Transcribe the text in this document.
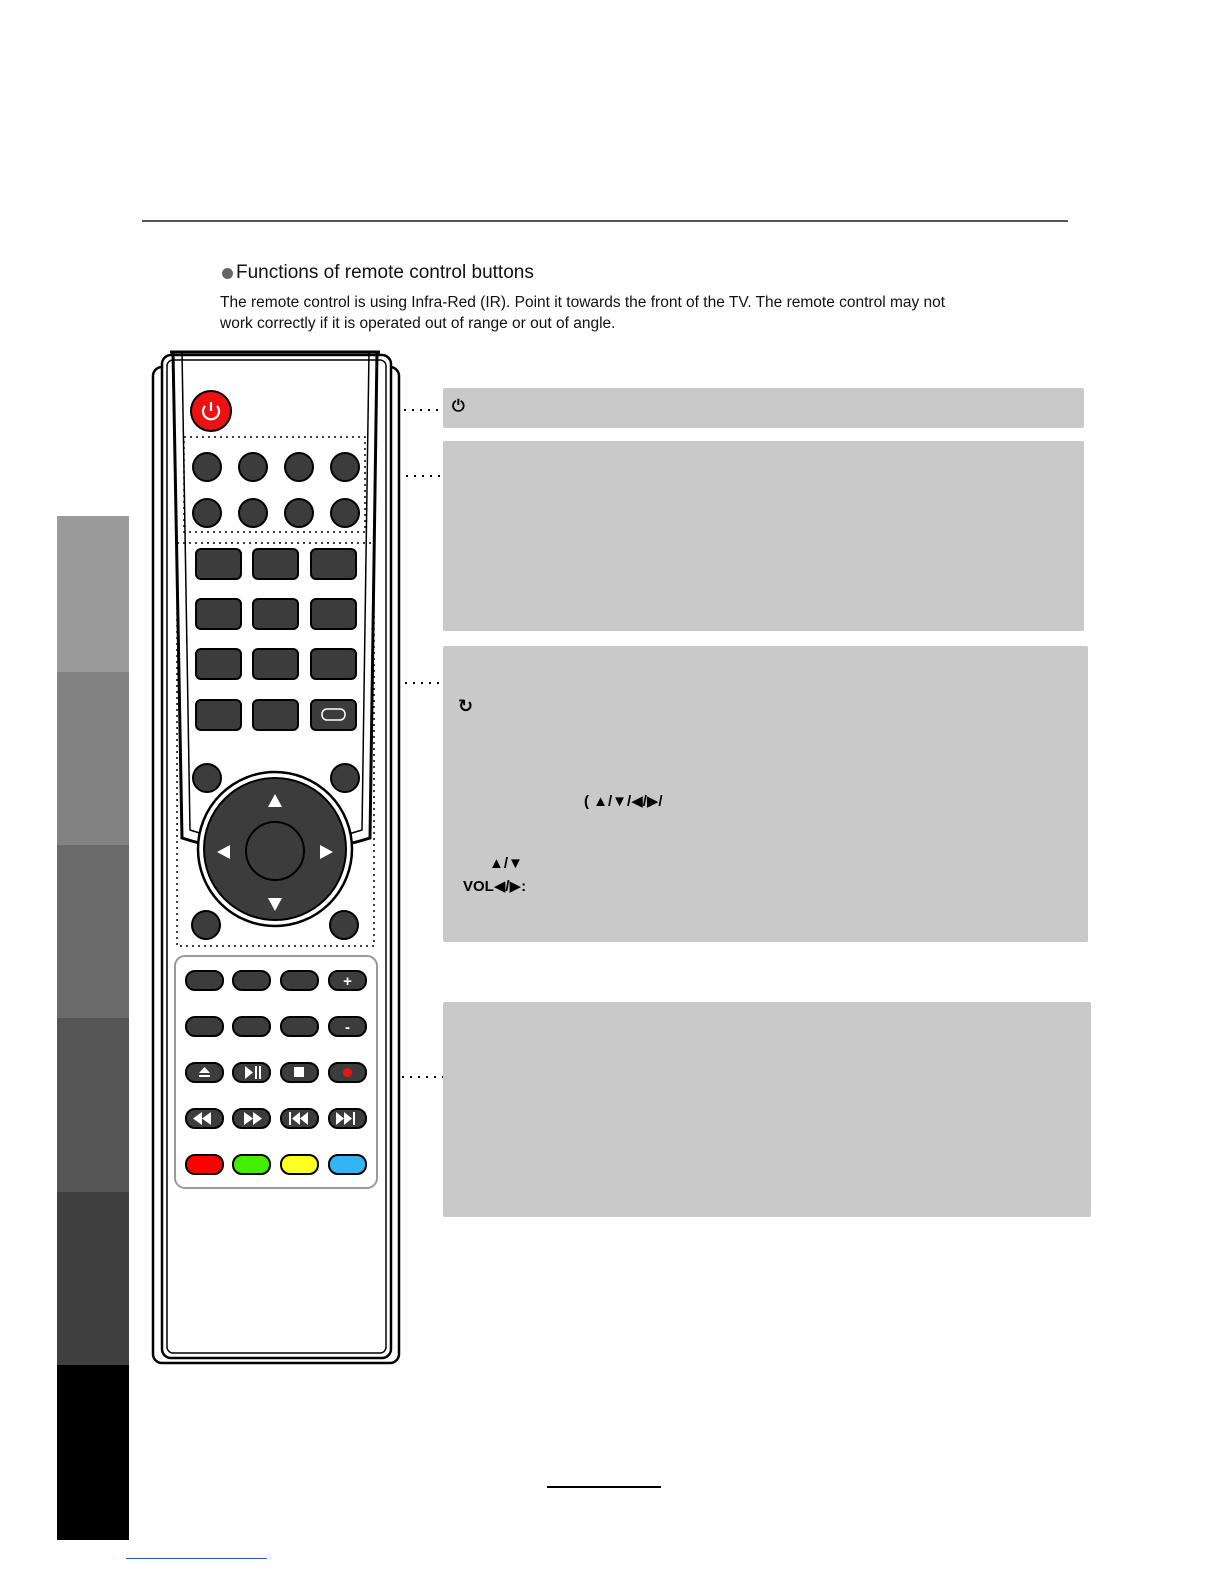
Functions of remote control buttons
The remote control is using Infra-Red (IR). Point it towards the front of the TV. The remote control may not
work correctly if it is operated out of range or out of angle.
⏻
↻
( ▲/▼/◀/▶/
▲/▼
VOL◀/▶:
+
-
